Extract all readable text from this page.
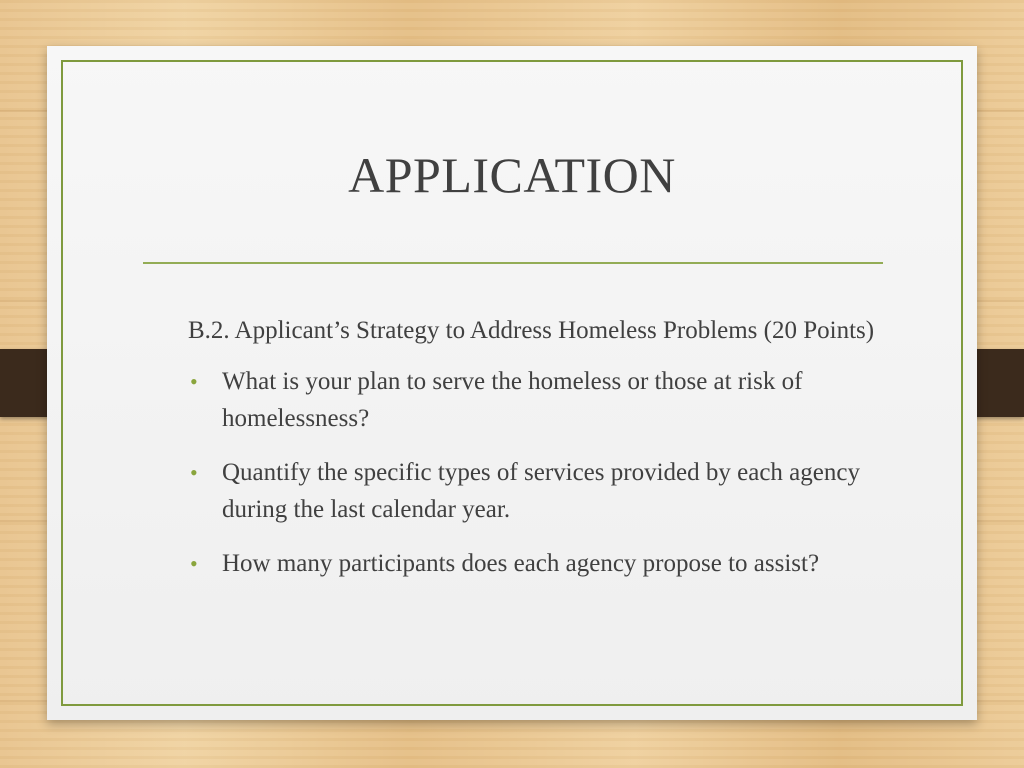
APPLICATION

B.2. Applicant’s Strategy to Address Homeless Problems (20 Points)

• What is your plan to serve the homeless or those at risk of homelessness?
• Quantify the specific types of services provided by each agency during the last calendar year.
• How many participants does each agency propose to assist?
